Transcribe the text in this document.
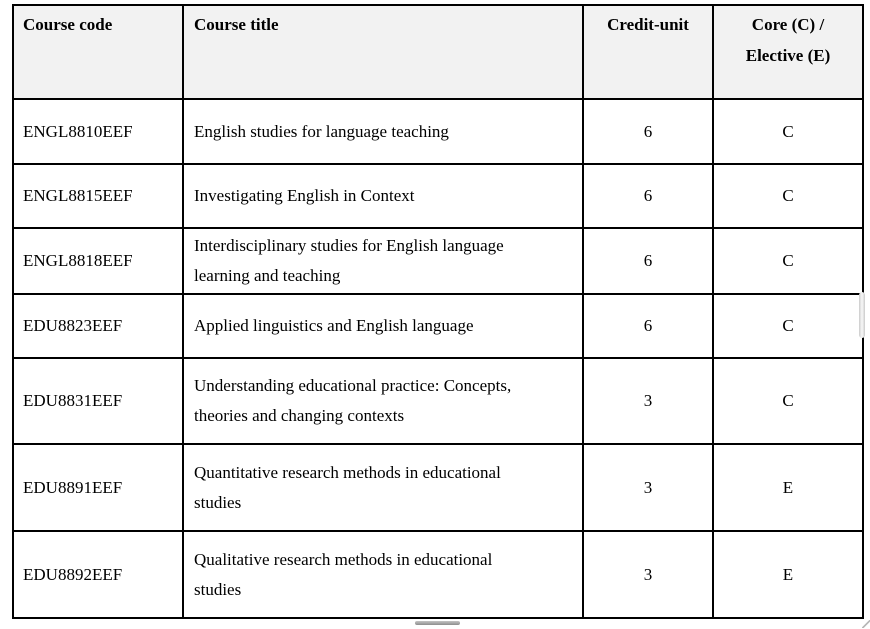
Course code	Course title	Credit-unit	Core (C) / Elective (E)
ENGL8810EEF	English studies for language teaching	6	C
ENGL8815EEF	Investigating English in Context	6	C
ENGL8818EEF	Interdisciplinary studies for English language learning and teaching	6	C
EDU8823EEF	Applied linguistics and English language	6	C
EDU8831EEF	Understanding educational practice: Concepts, theories and changing contexts	3	C
EDU8891EEF	Quantitative research methods in educational studies	3	E
EDU8892EEF	Qualitative research methods in educational studies	3	E
